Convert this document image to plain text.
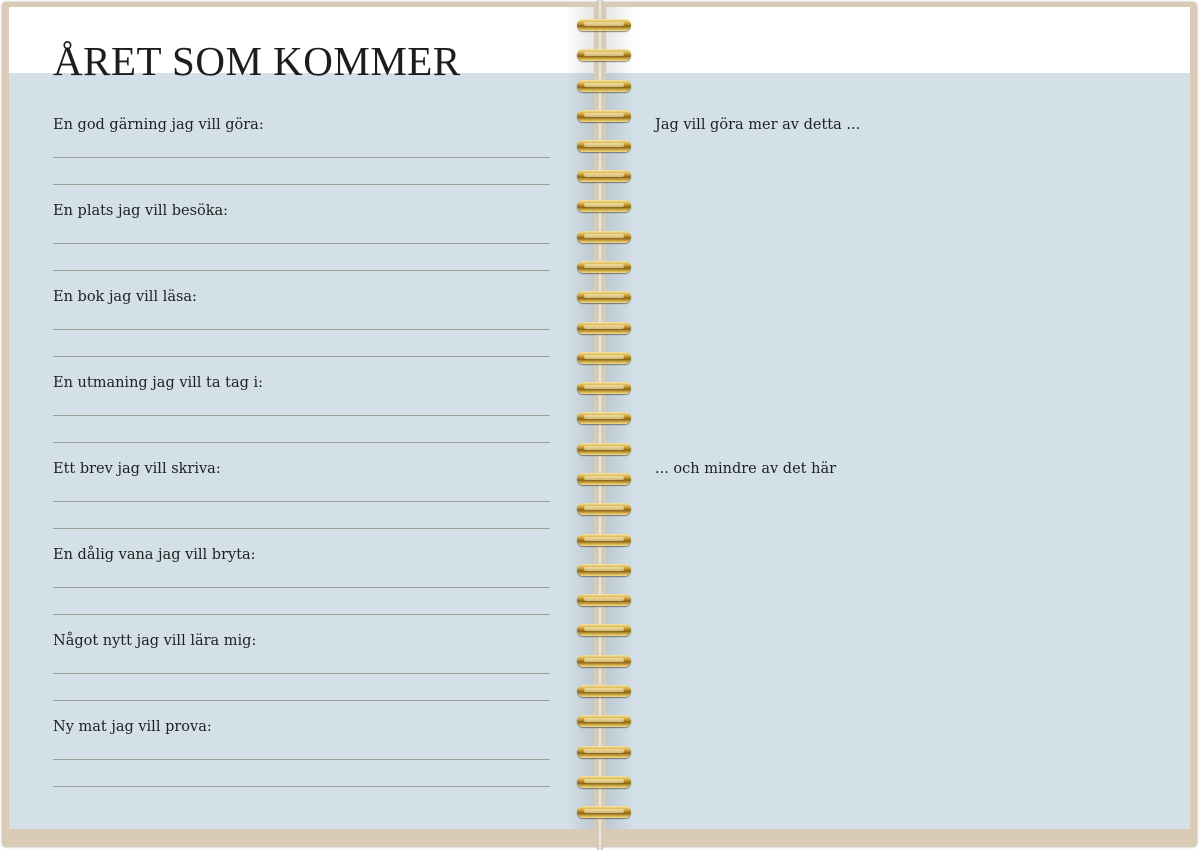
ÅRET SOM KOMMER
En god gärning jag vill göra:
En plats jag vill besöka:
En bok jag vill läsa:
En utmaning jag vill ta tag i:
Ett brev jag vill skriva:
En dålig vana jag vill bryta:
Något nytt jag vill lära mig:
Ny mat jag vill prova:
Jag vill göra mer av detta ...
... och mindre av det här
